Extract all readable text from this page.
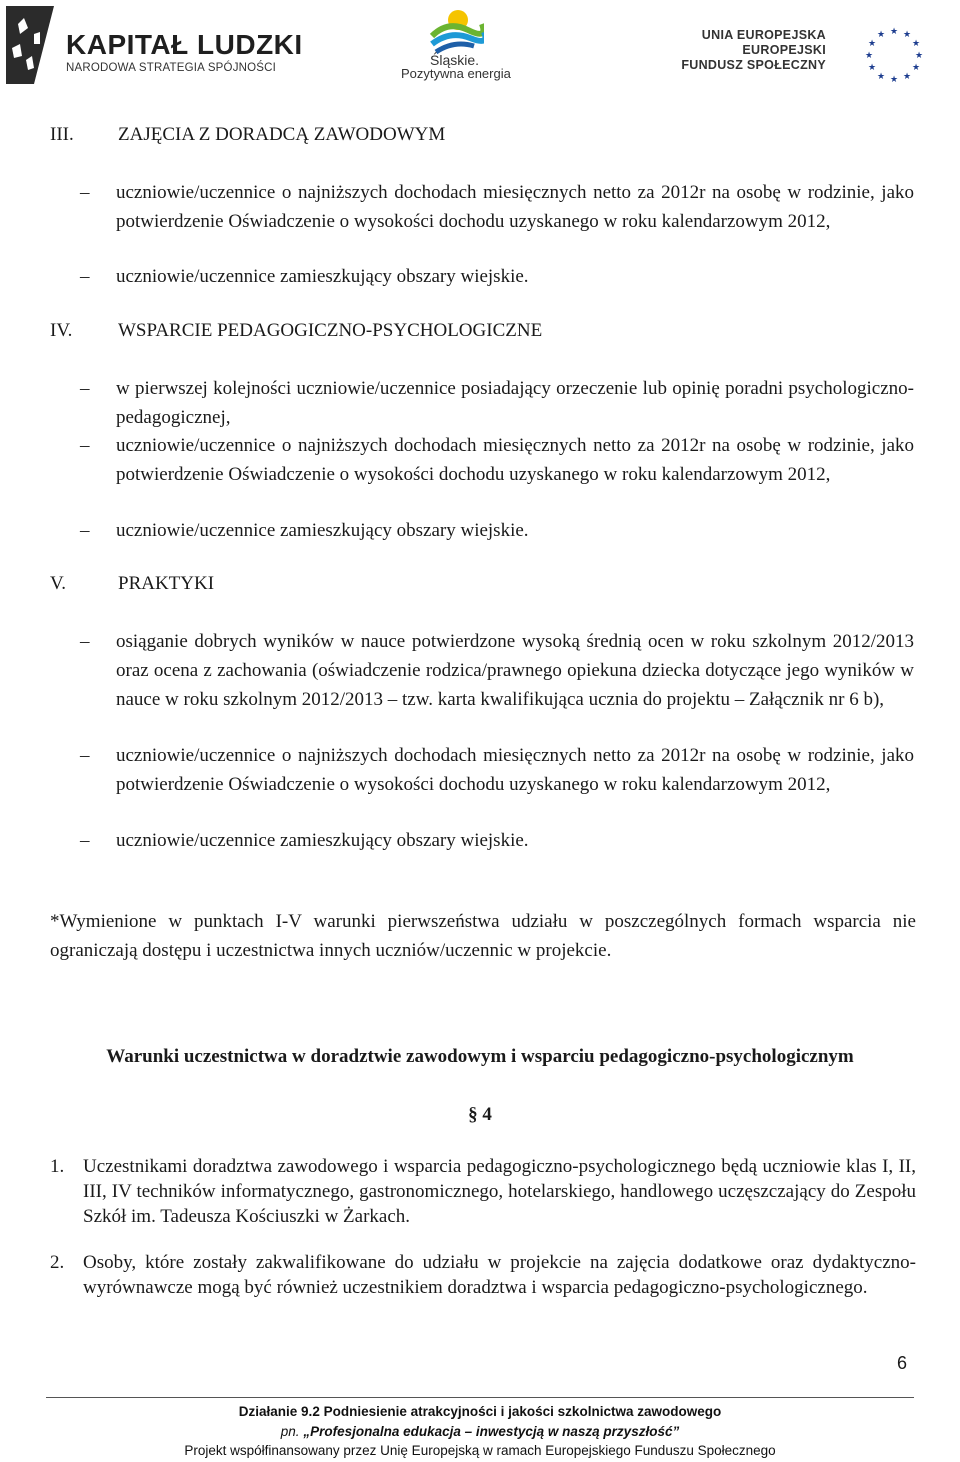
KAPITAŁ LUDZKI
NARODOWA STRATEGIA SPÓJNOŚCI	Śląskie.
Pozytywna energia
UNIA EUROPEJSKA
EUROPEJSKI
FUNDUSZ SPOŁECZNY
★ ★
★
★
★
★
★
★
★
★
★
★
III.	ZAJĘCIA Z DORADCĄ ZAWODOWYM
–	uczniowie/uczennice o najniższych dochodach miesięcznych netto za 2012r na osobę w rodzinie, jako potwierdzenie Oświadczenie o wysokości dochodu uzyskanego w roku kalendarzowym 2012,
–	uczniowie/uczennice zamieszkujący obszary wiejskie.
IV.	WSPARCIE PEDAGOGICZNO-PSYCHOLOGICZNE
–	w pierwszej kolejności uczniowie/uczennice posiadający orzeczenie lub opinię poradni psychologiczno-pedagogicznej,
–	uczniowie/uczennice o najniższych dochodach miesięcznych netto za 2012r na osobę w rodzinie, jako potwierdzenie Oświadczenie o wysokości dochodu uzyskanego w roku kalendarzowym 2012,
–	uczniowie/uczennice zamieszkujący obszary wiejskie.
V.	PRAKTYKI
–	osiąganie dobrych wyników w nauce potwierdzone wysoką średnią ocen w roku szkolnym 2012/2013 oraz ocena z zachowania (oświadczenie rodzica/prawnego opiekuna dziecka dotyczące jego wyników w nauce w roku szkolnym 2012/2013 – tzw. karta kwalifikująca ucznia do projektu – Załącznik nr 6 b),
–	uczniowie/uczennice o najniższych dochodach miesięcznych netto za 2012r na osobę w rodzinie, jako potwierdzenie Oświadczenie o wysokości dochodu uzyskanego w roku kalendarzowym 2012,
–	uczniowie/uczennice zamieszkujący obszary wiejskie.
*Wymienione w punktach I-V warunki pierwszeństwa udziału w poszczególnych formach wsparcia nie ograniczają dostępu i uczestnictwa innych uczniów/uczennic w projekcie.
Warunki uczestnictwa w doradztwie zawodowym i wsparciu pedagogiczno-psychologicznym
§ 4
1. Uczestnikami doradztwa zawodowego i wsparcia pedagogiczno-psychologicznego będą uczniowie klas I, II, III, IV techników informatycznego, gastronomicznego, hotelarskiego, handlowego uczęszczający do Zespołu Szkół im. Tadeusza Kościuszki w Żarkach.
2. Osoby, które zostały zakwalifikowane do udziału w projekcie na zajęcia dodatkowe oraz dydaktyczno-wyrównawcze mogą być również uczestnikiem doradztwa i wsparcia pedagogiczno-psychologicznego.
6
Działanie 9.2 Podniesienie atrakcyjności i jakości szkolnictwa zawodowego
pn. „Profesjonalna edukacja – inwestycją w naszą przyszłość”
Projekt współfinansowany przez Unię Europejską w ramach Europejskiego Funduszu Społecznego
